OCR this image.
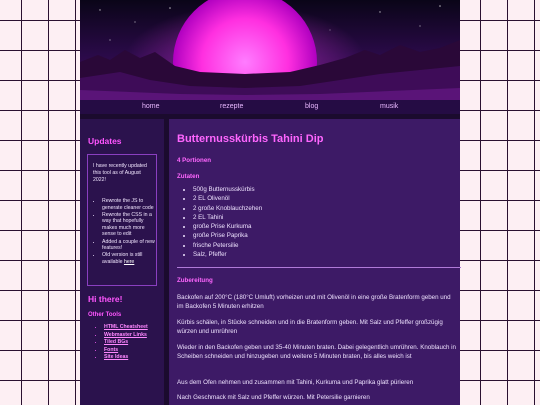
home	rezepte	blog	musik
Updates

I have recently updated this tool as of August 2022!

• Rewrote the JS to generate cleaner code
• Rewrote the CSS in a way that hopefully makes much more sense to edit
• Added a couple of new features!
• Old version is still available here
Hi there!
Other Tools
• HTML Cheatsheet
• Webmaster Links
• Tiled BGs
• Fonts
• Site Ideas
Butternusskürbis Tahini Dip
4 Portionen
Zutaten
• 500g Butternusskürbis
• 2 EL Olivenöl
• 2 große Knoblauchzehen
• 2 EL Tahini
• große Prise Kurkuma
• große Prise Paprika
• frische Petersilie
• Salz, Pfeffer
Zubereitung

Backofen auf 200°C (180°C Umluft) vorheizen und mit Olivenöl in eine große Bratenform geben und im Backofen 5 Minuten erhitzen

Kürbis schälen, in Stücke schneiden und in die Bratenform geben. Mit Salz und Pfeffer großzügig würzen und umrühren

Wieder in den Backofen geben und 35-40 Minuten braten. Dabei gelegentlich umrühren. Knoblauch in Scheiben schneiden und hinzugeben und weitere 5 Minuten braten, bis alles weich ist

Aus dem Ofen nehmen und zusammen mit Tahini, Kurkuma und Paprika glatt pürieren

Nach Geschmack mit Salz und Pfeffer würzen. Mit Petersilie garnieren
